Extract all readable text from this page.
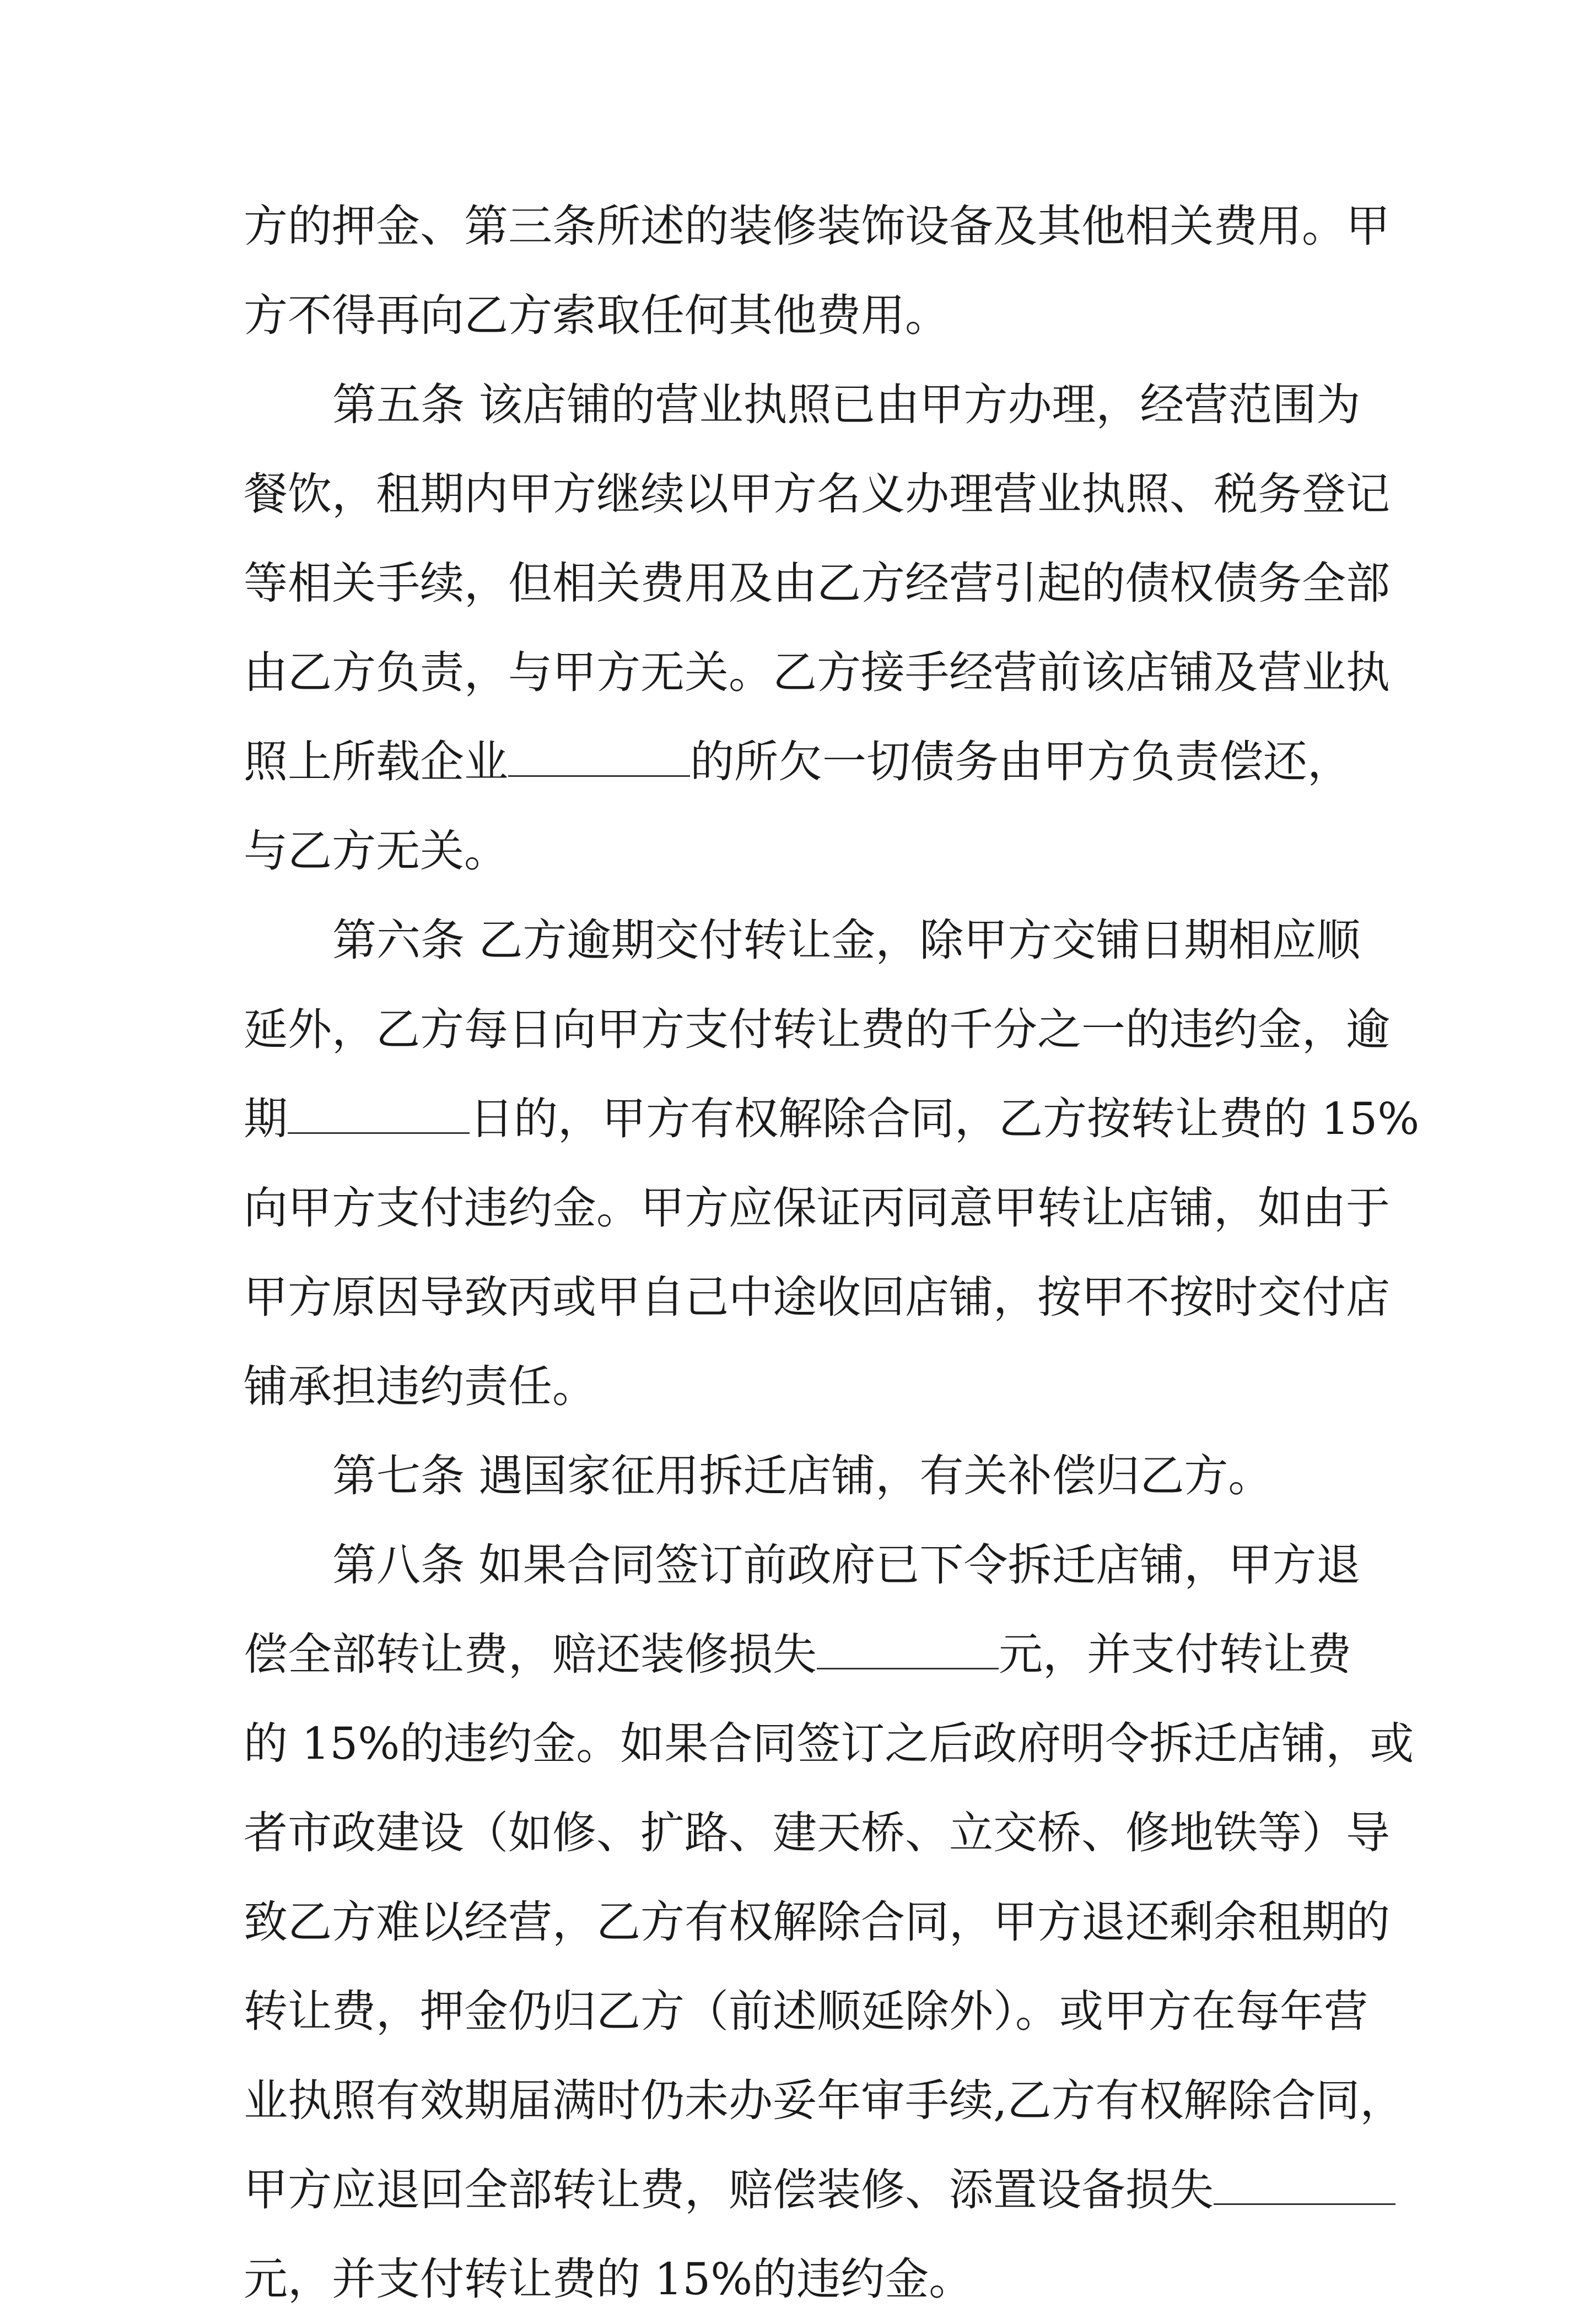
方的押金、第三条所述的装修装饰设备及其他相关费用。甲
方不得再向乙方索取任何其他费用。
第五条 该店铺的营业执照已由甲方办理，经营范围为
餐饮，租期内甲方继续以甲方名义办理营业执照、税务登记
等相关手续，但相关费用及由乙方经营引起的债权债务全部
由乙方负责，与甲方无关。乙方接手经营前该店铺及营业执
照上所载企业	的所欠一切债务由甲方负责偿还，
与乙方无关。
第六条 乙方逾期交付转让金，除甲方交铺日期相应顺
延外，乙方每日向甲方支付转让费的千分之一的违约金，逾
期	日的，甲方有权解除合同，乙方按转让费的 15%
向甲方支付违约金。甲方应保证丙同意甲转让店铺，如由于
甲方原因导致丙或甲自己中途收回店铺，按甲不按时交付店
铺承担违约责任。
第七条 遇国家征用拆迁店铺，有关补偿归乙方。
第八条 如果合同签订前政府已下令拆迁店铺，甲方退
偿全部转让费，赔还装修损失	元，并支付转让费
的 15%的违约金。如果合同签订之后政府明令拆迁店铺，或
者市政建设（如修、扩路、建天桥、立交桥、修地铁等）导
致乙方难以经营，乙方有权解除合同，甲方退还剩余租期的
转让费，押金仍归乙方（前述顺延除外）。或甲方在每年营
业执照有效期届满时仍未办妥年审手续,乙方有权解除合同，
甲方应退回全部转让费，赔偿装修、添置设备损失
元，并支付转让费的 15%的违约金。
